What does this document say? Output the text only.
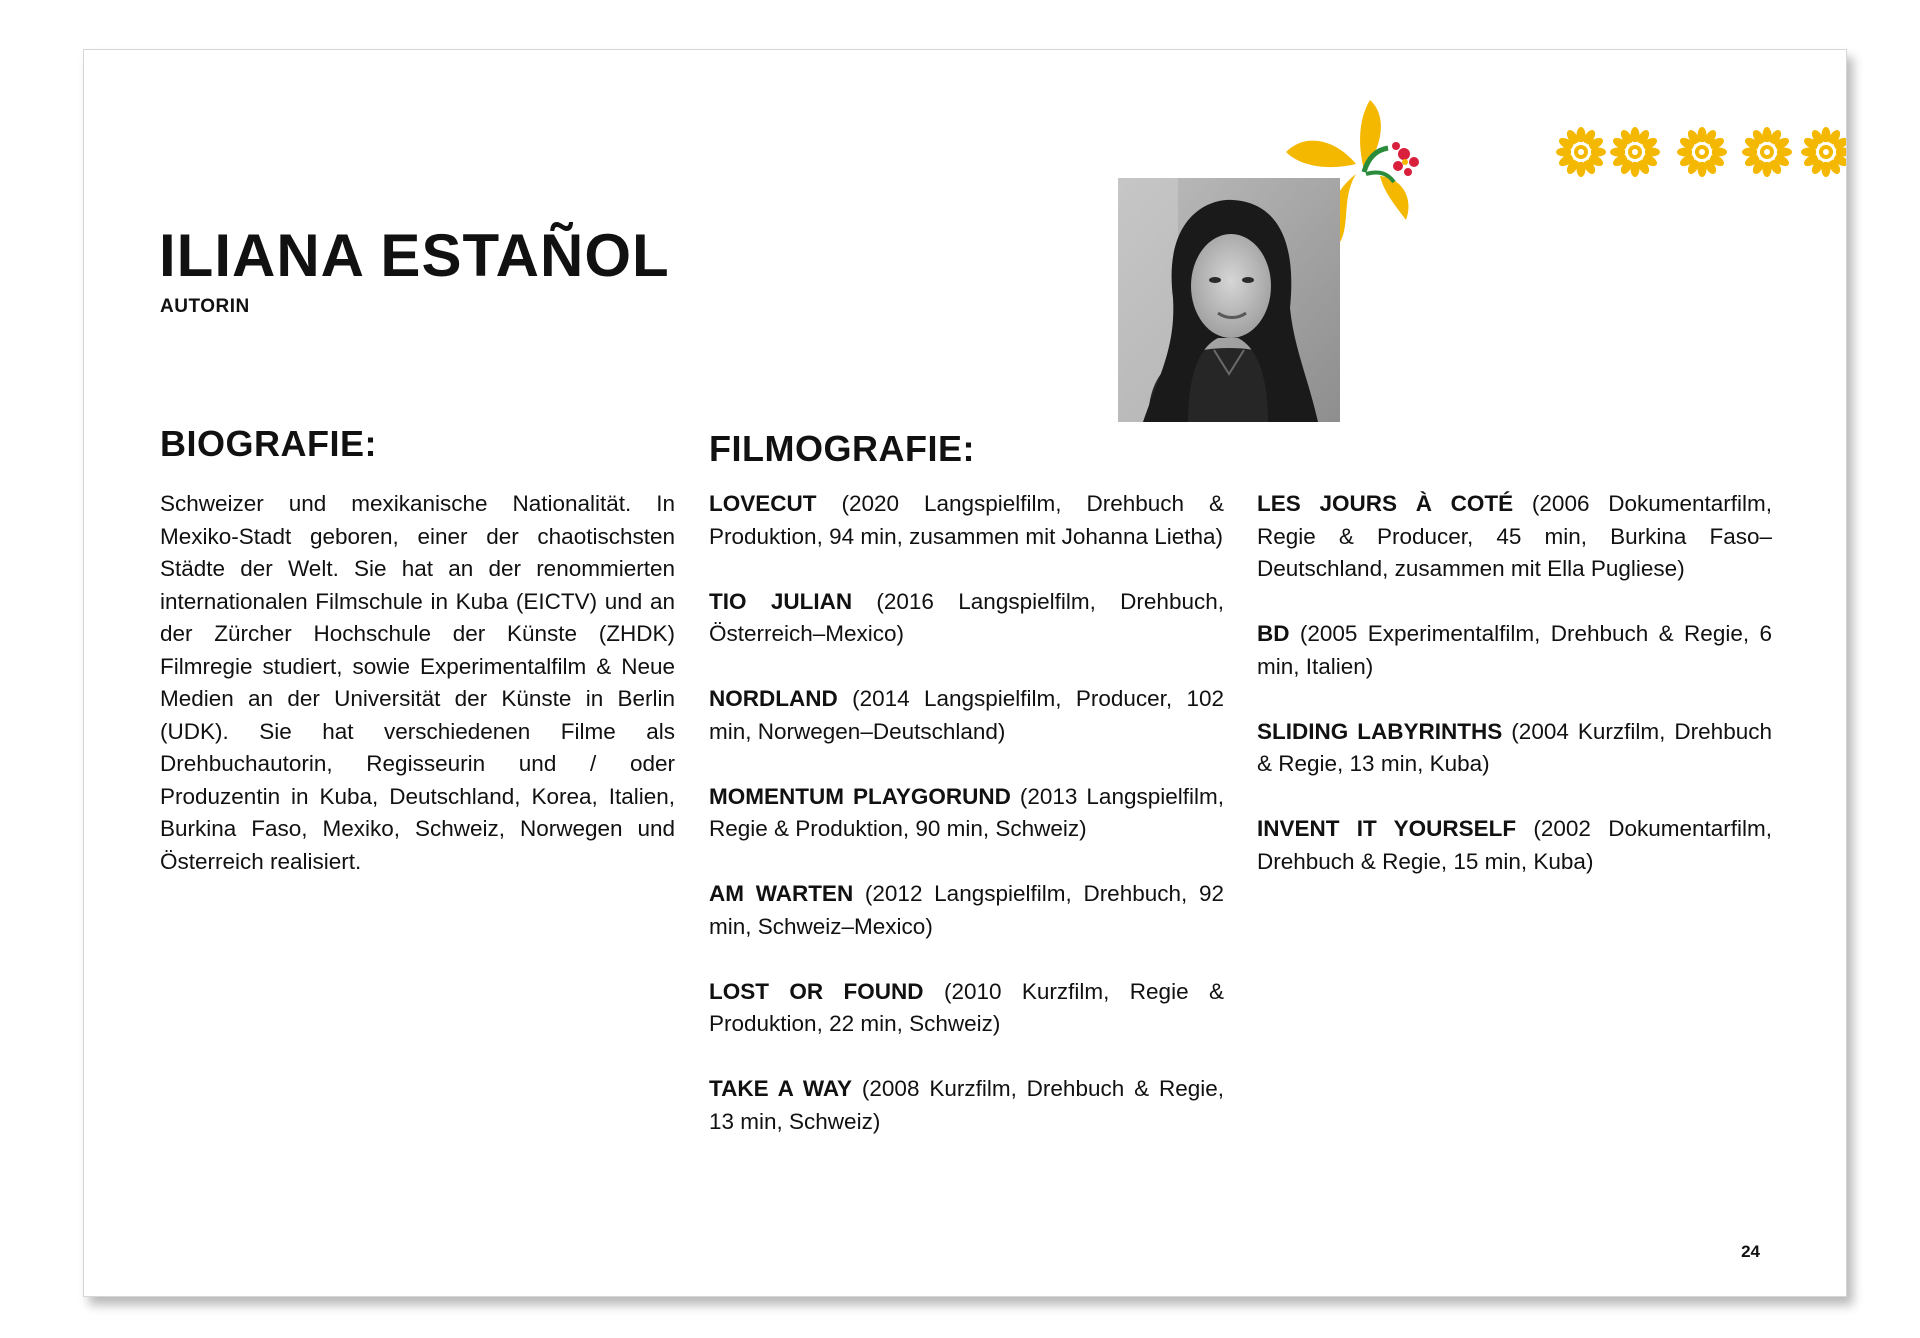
ILIANA ESTAÑOL
AUTORIN
BIOGRAFIE:

Schweizer und mexikanische Nationalität. In Mexiko-Stadt geboren, einer der chaotischsten Städte der Welt. Sie hat an der renommierten internationalen Filmschule in Kuba (EICTV) und an der Zürcher Hochschule der Künste (ZHDK) Filmregie studiert, sowie Experimentalfilm & Neue Medien an der Universität der Künste in Berlin (UDK). Sie hat verschiedenen Filme als Drehbuchautorin, Regisseurin und / oder Produzentin in Kuba, Deutschland, Korea, Italien, Burkina Faso, Mexiko, Schweiz, Norwegen und Österreich realisiert.

FILMOGRAFIE:

LOVECUT (2020 Langspielfilm, Drehbuch & Produktion, 94 min, zusammen mit Johanna Lietha)

TIO JULIAN (2016 Langspielfilm, Drehbuch, Österreich–Mexico)

NORDLAND (2014 Langspielfilm, Producer, 102 min, Norwegen–Deutschland)

MOMENTUM PLAYGORUND (2013 Langspielfilm, Regie & Produktion, 90 min, Schweiz)

AM WARTEN (2012 Langspielfilm, Drehbuch, 92 min, Schweiz–Mexico)

LOST OR FOUND (2010 Kurzfilm, Regie & Produktion, 22 min, Schweiz)

TAKE A WAY (2008 Kurzfilm, Drehbuch & Regie, 13 min, Schweiz)

LES JOURS À COTÉ (2006 Dokumentarfilm, Regie & Producer, 45 min, Burkina Faso–Deutschland, zusammen mit Ella Pugliese)

BD (2005 Experimentalfilm, Drehbuch & Regie, 6 min, Italien)

SLIDING LABYRINTHS (2004 Kurzfilm, Drehbuch & Regie, 13 min, Kuba)

INVENT IT YOURSELF (2002 Dokumentarfilm, Drehbuch & Regie, 15 min, Kuba)

24
